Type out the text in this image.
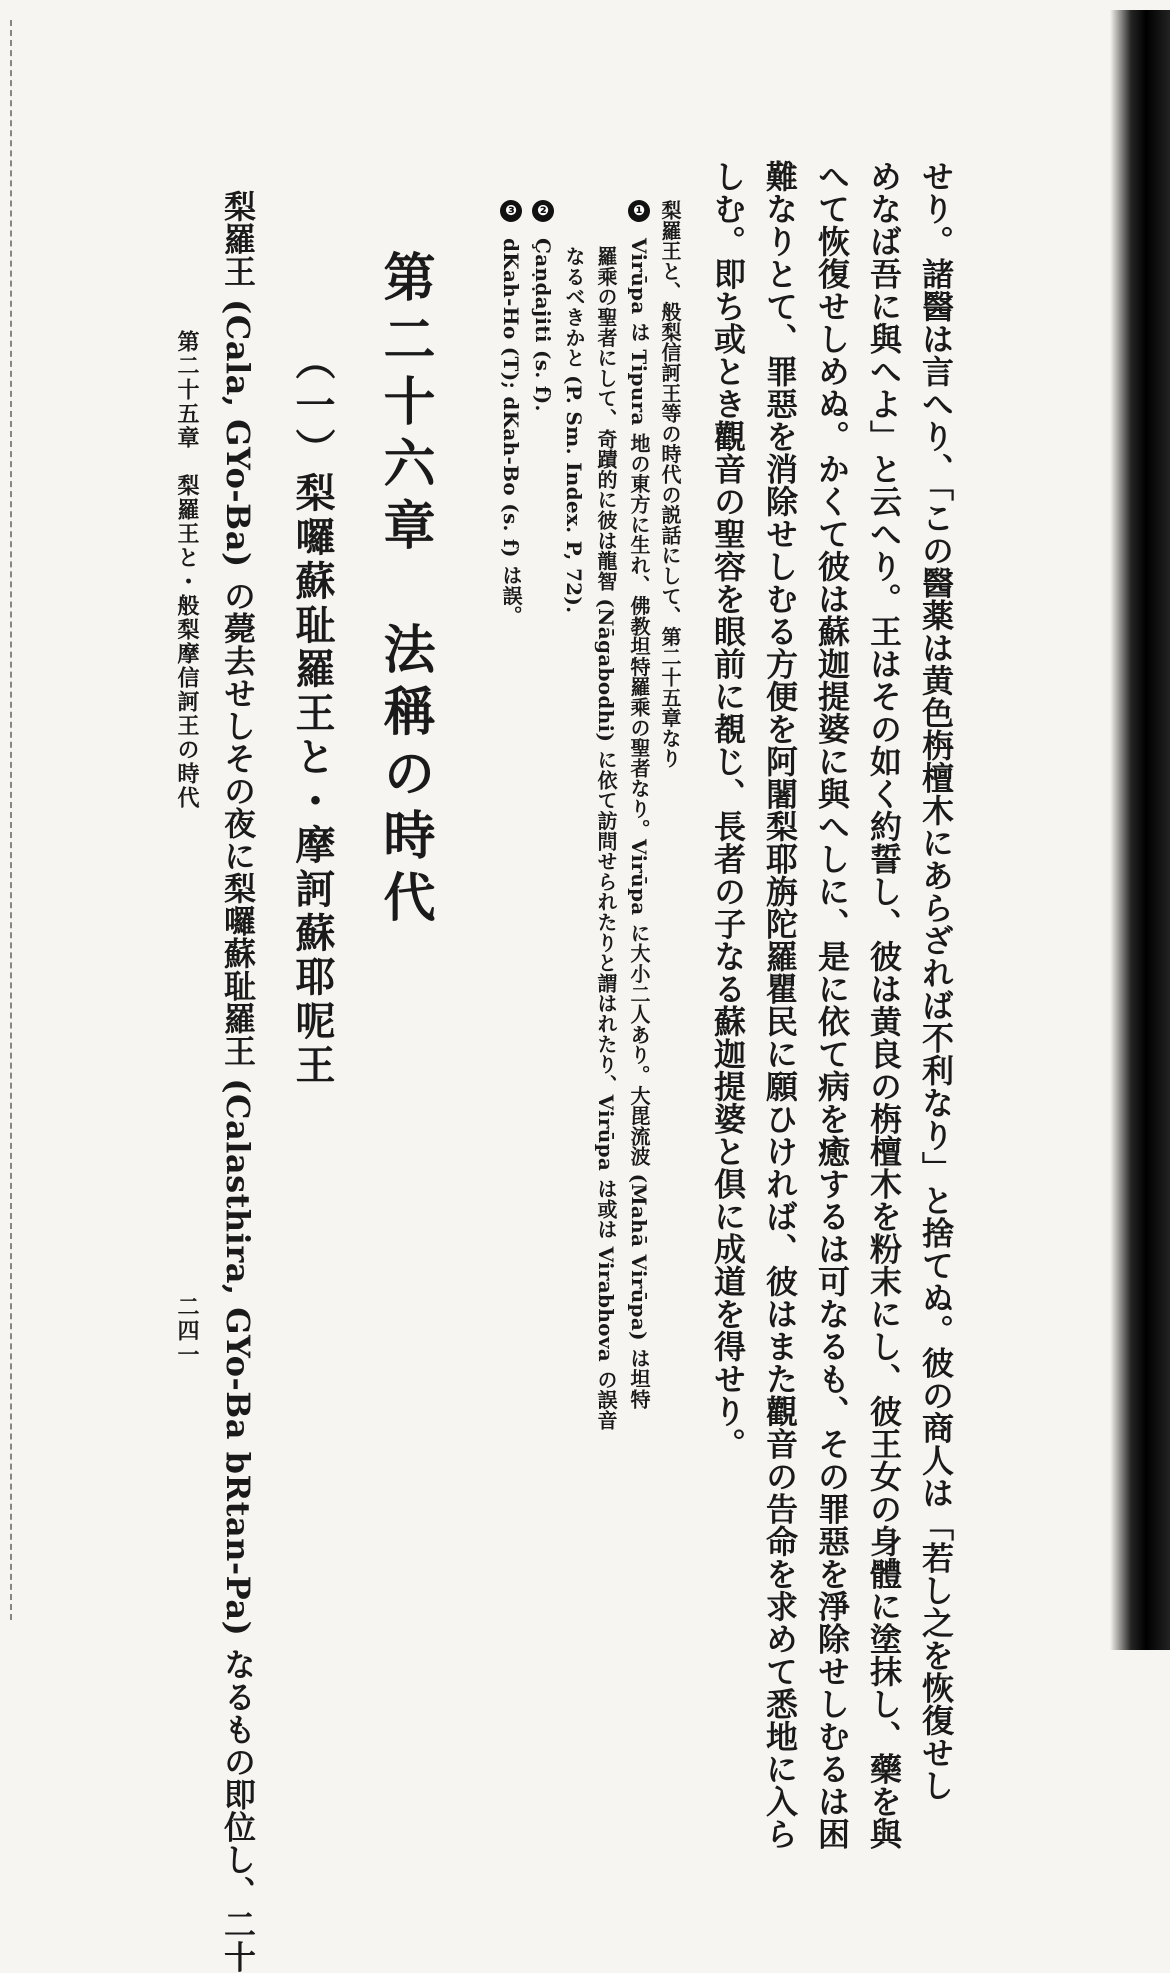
せり。諸醫は言へり、「この醫薬は黄色栴檀木にあらざれば不利なり」と捨てぬ。彼の商人は「若し之を恢復せし
めなば吾に與へよ」と云へり。王はその如く約誓し、彼は黄良の栴檀木を粉末にし、彼王女の身體に塗抹し、藥を與
へて恢復せしめぬ。かくて彼は蘇迦提婆に與へしに、是に依て病を癒するは可なるも、その罪惡を淨除せしむるは困
難なりとて、罪惡を消除せしむる方便を阿闍梨耶旃陀羅瞿民に願ひければ、彼はまた觀音の告命を求めて悉地に入ら
しむ。即ち或とき觀音の聖容を眼前に覩じ、長者の子なる蘇迦提婆と倶に成道を得せり。
梨羅王と、般梨信訶王等の時代の説話にして、第二十五章なり
❶Virūpa は Tipura 地の東方に生れ、佛教坦特羅乘の聖者なり。Virūpa に大小二人あり。大毘流波 (Mahā Virūpa) は坦特
羅乘の聖者にして、奇蹟的に彼は龍智 (Nāgabodhi) に依て訪問せられたりと謂はれたり、Virūpa は或は Virabhova の誤音
なるべきかと (P. Sm. Index. P, 72).
❷Çaṇḍajiti (s. f).
❸dKah-Ho (T); dKah-Bo (s. f) は誤。
第二十六章　法稱の時代
（一）梨囉蘇耻羅王と・摩訶蘇耶呢王
梨羅王 (Cala, GYo-Ba) の薨去せしその夜に梨囉蘇耻羅王 (Calasthira, GYo-Ba bRtan-Pa) なるもの即位し、二十
第二十五章　梨羅王と・般梨摩信訶王の時代
二四一
